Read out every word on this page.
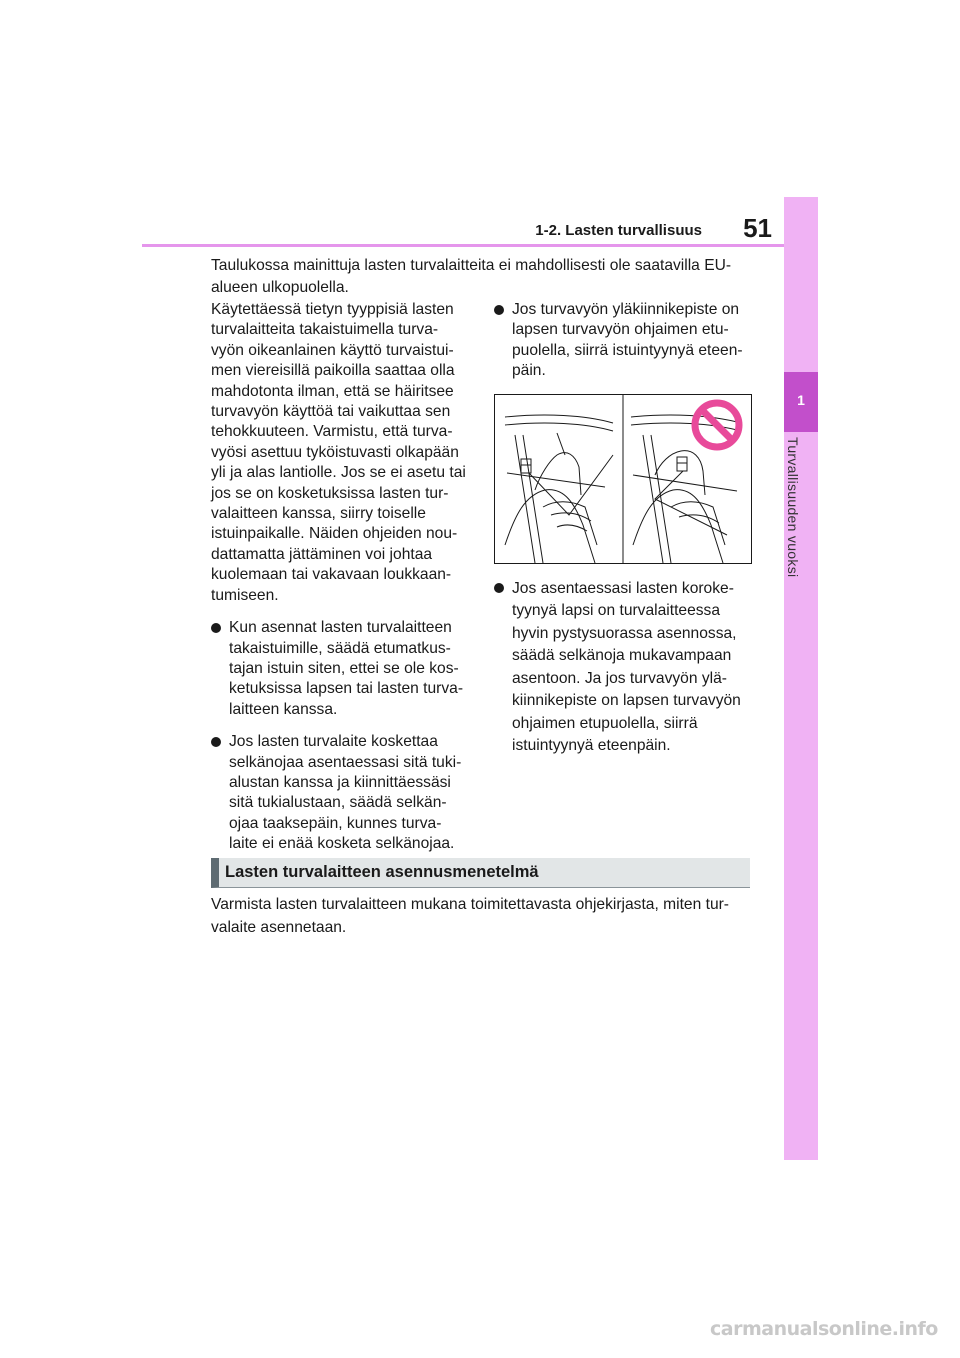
1-2. Lasten turvallisuus	51
1
Turvallisuuden vuoksi

Taulukossa mainittuja lasten turvalaitteita ei mahdollisesti ole saatavilla EU-alueen ulkopuolella.

Käytettäessä tietyn tyyppisiä lasten
turvalaitteita takaistuimella turva-
vyön oikeanlainen käyttö turvaistui-
men viereisillä paikoilla saattaa olla
mahdotonta ilman, että se häiritsee
turvavyön käyttöä tai vaikuttaa sen
tehokkuuteen. Varmistu, että turva-
vyösi asettuu tyköistuvasti olkapään
yli ja alas lantiolle. Jos se ei asetu tai
jos se on kosketuksissa lasten tur-
valaitteen kanssa, siirry toiselle
istuinpaikalle. Näiden ohjeiden nou-
dattamatta jättäminen voi johtaa
kuolemaan tai vakavaan loukkaan-
tumiseen.

Kun asennat lasten turvalaitteen
takaistuimille, säädä etumatkus-
tajan istuin siten, ettei se ole kos-
ketuksissa lapsen tai lasten turva-
laitteen kanssa.
Jos lasten turvalaite koskettaa
selkänojaa asentaessasi sitä tuki-
alustan kanssa ja kiinnittäessäsi
sitä tukialustaan, säädä selkän-
ojaa taaksepäin, kunnes turva-
laite ei enää kosketa selkänojaa.
Jos turvavyön yläkiinnikepiste on
lapsen turvavyön ohjaimen etu-
puolella, siirrä istuintyynyä eteen-
päin.
Jos asentaessasi lasten koroke-
tyynyä lapsi on turvalaitteessa
hyvin pystysuorassa asennossa,
säädä selkänoja mukavampaan
asentoon. Ja jos turvavyön ylä-
kiinnikepiste on lapsen turvavyön
ohjaimen etupuolella, siirrä
istuintyynyä eteenpäin.
Lasten turvalaitteen asennusmenetelmä

Varmista lasten turvalaitteen mukana toimitettavasta ohjekirjasta, miten tur-valaite asennetaan.

carmanualsonline.info
